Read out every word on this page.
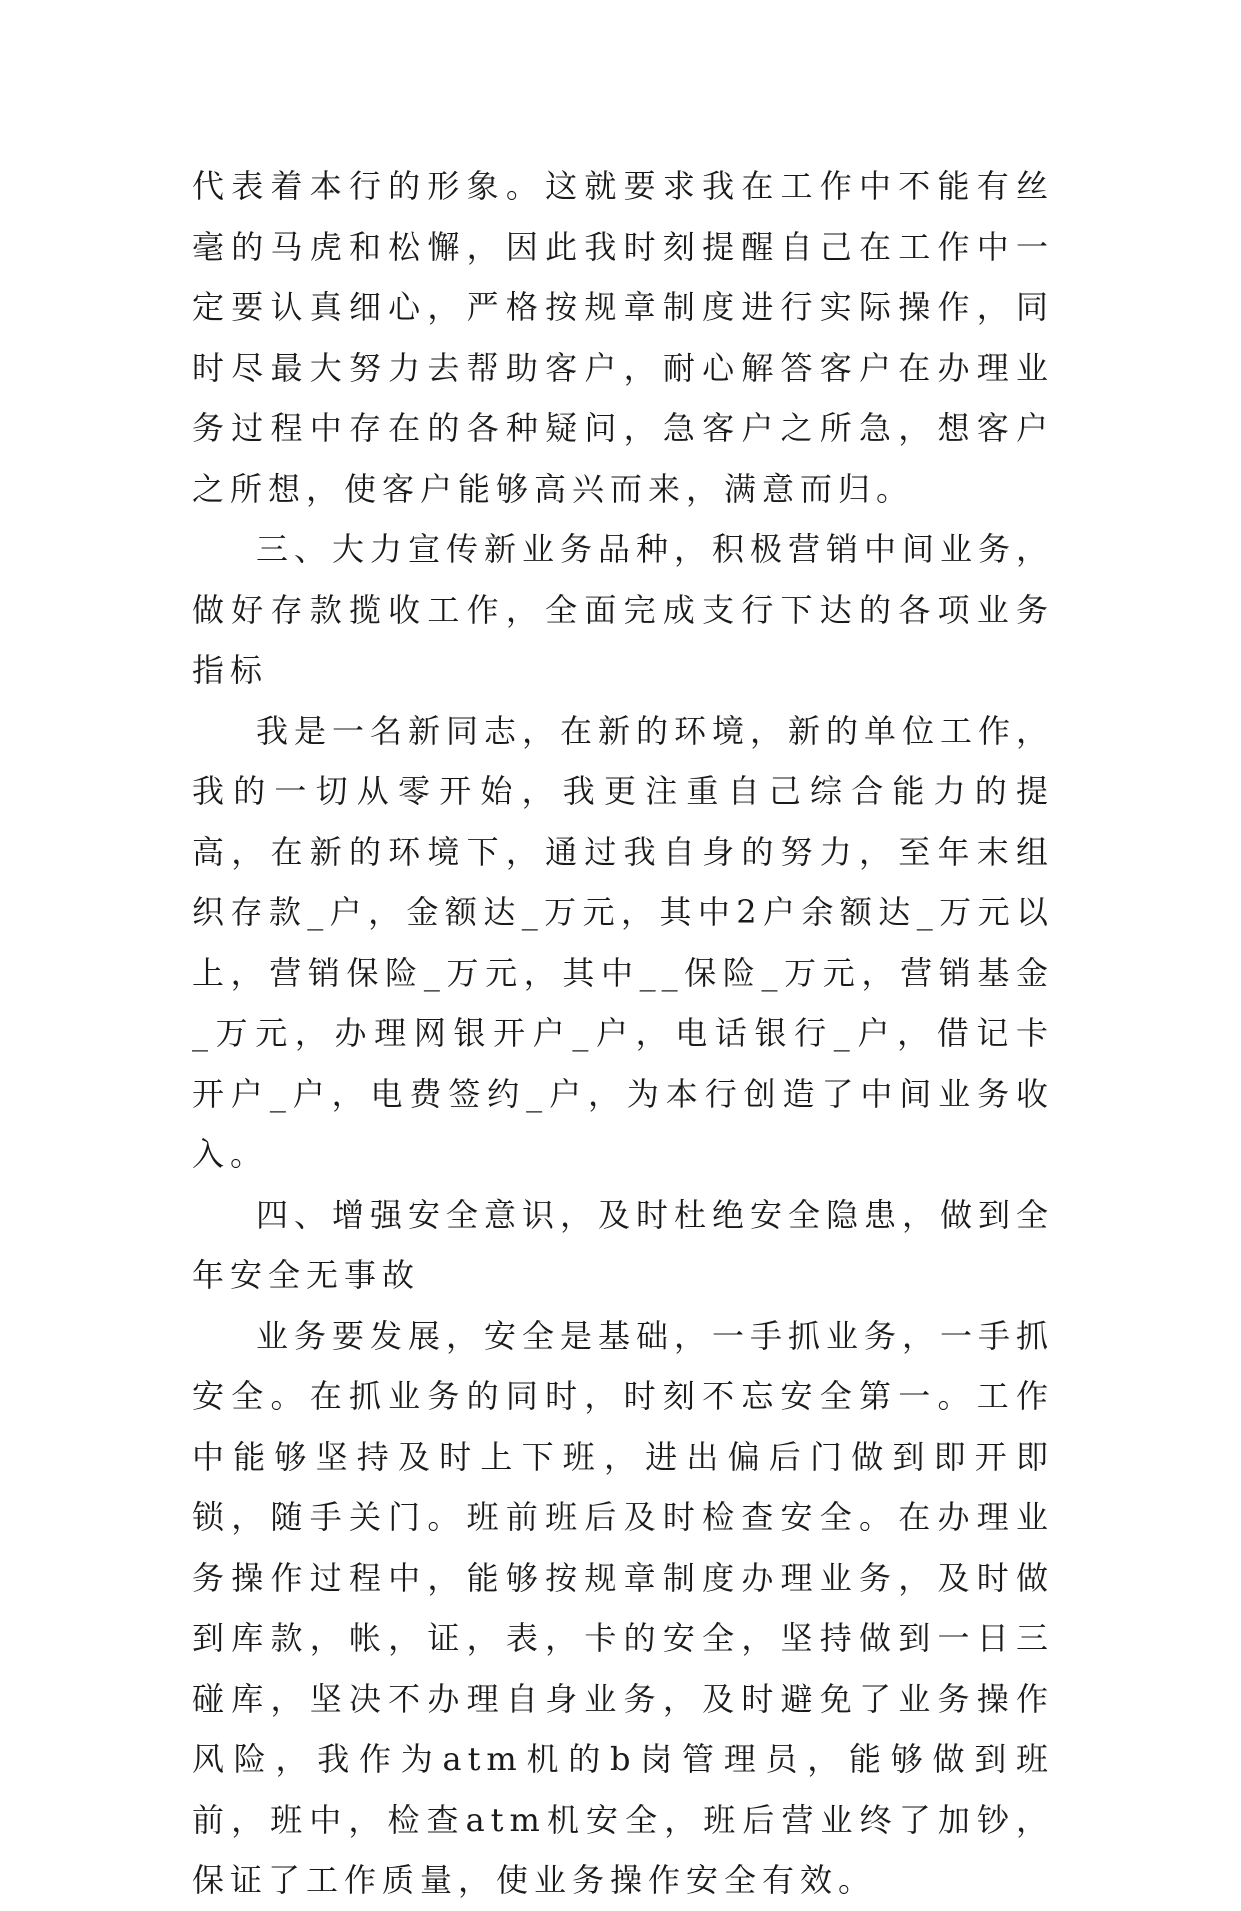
代表着本行的形象。这就要求我在工作中不能有丝毫的马虎和松懈，因此我时刻提醒自己在工作中一定要认真细心，严格按规章制度进行实际操作，同时尽最大努力去帮助客户，耐心解答客户在办理业务过程中存在的各种疑问，急客户之所急，想客户之所想，使客户能够高兴而来，满意而归。

三、大力宣传新业务品种，积极营销中间业务，做好存款揽收工作，全面完成支行下达的各项业务指标

我是一名新同志，在新的环境，新的单位工作，我的一切从零开始，我更注重自己综合能力的提高，在新的环境下，通过我自身的努力，至年末组织存款_户，金额达_万元，其中2户余额达_万元以上，营销保险_万元，其中__保险_万元，营销基金_万元，办理网银开户_户，电话银行_户，借记卡开户_户，电费签约_户，为本行创造了中间业务收入。

四、增强安全意识，及时杜绝安全隐患，做到全年安全无事故

业务要发展，安全是基础，一手抓业务，一手抓安全。在抓业务的同时，时刻不忘安全第一。工作中能够坚持及时上下班，进出偏后门做到即开即锁，随手关门。班前班后及时检查安全。在办理业务操作过程中，能够按规章制度办理业务，及时做到库款，帐，证，表，卡的安全，坚持做到一日三碰库，坚决不办理自身业务，及时避免了业务操作风险，我作为atm机的b岗管理员，能够做到班前，班中，检查atm机安全，班后营业终了加钞，保证了工作质量，使业务操作安全有效。
